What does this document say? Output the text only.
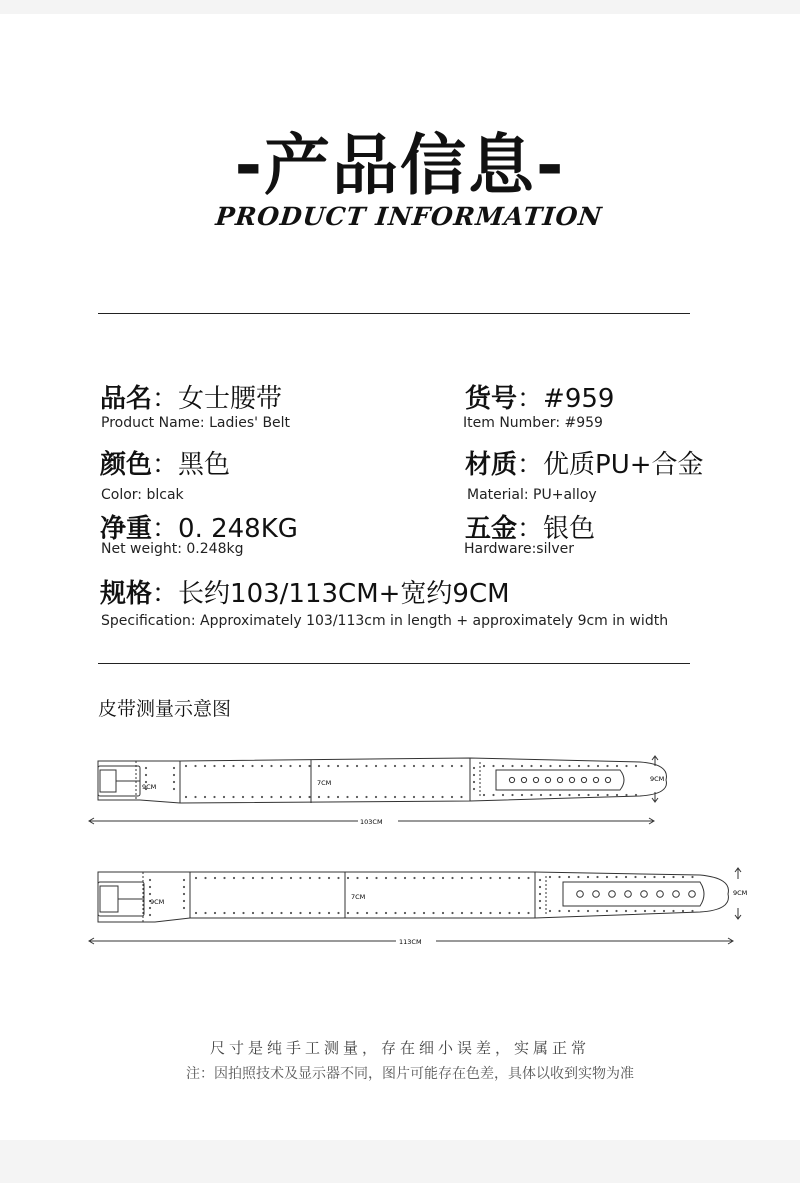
-产品信息-
PRODUCT INFORMATION
品名：女士腰带
Product Name: Ladies' Belt
货号：#959
Item Number: #959
颜色：黑色
Color: blcak
材质：优质PU+合金
Material: PU+alloy
净重：0. 248KG
Net weight: 0.248kg
五金：银色
Hardware:silver
规格：长约103/113CM+宽约9CM
Specification: Approximately 103/113cm in length + approximately 9cm in width
皮带测量示意图
9CM	7CM	9CM
103CM
9CM
7CM	9CM
113CM
尺寸是纯手工测量，存在细小误差，实属正常
注：因拍照技术及显示器不同，图片可能存在色差，具体以收到实物为准
